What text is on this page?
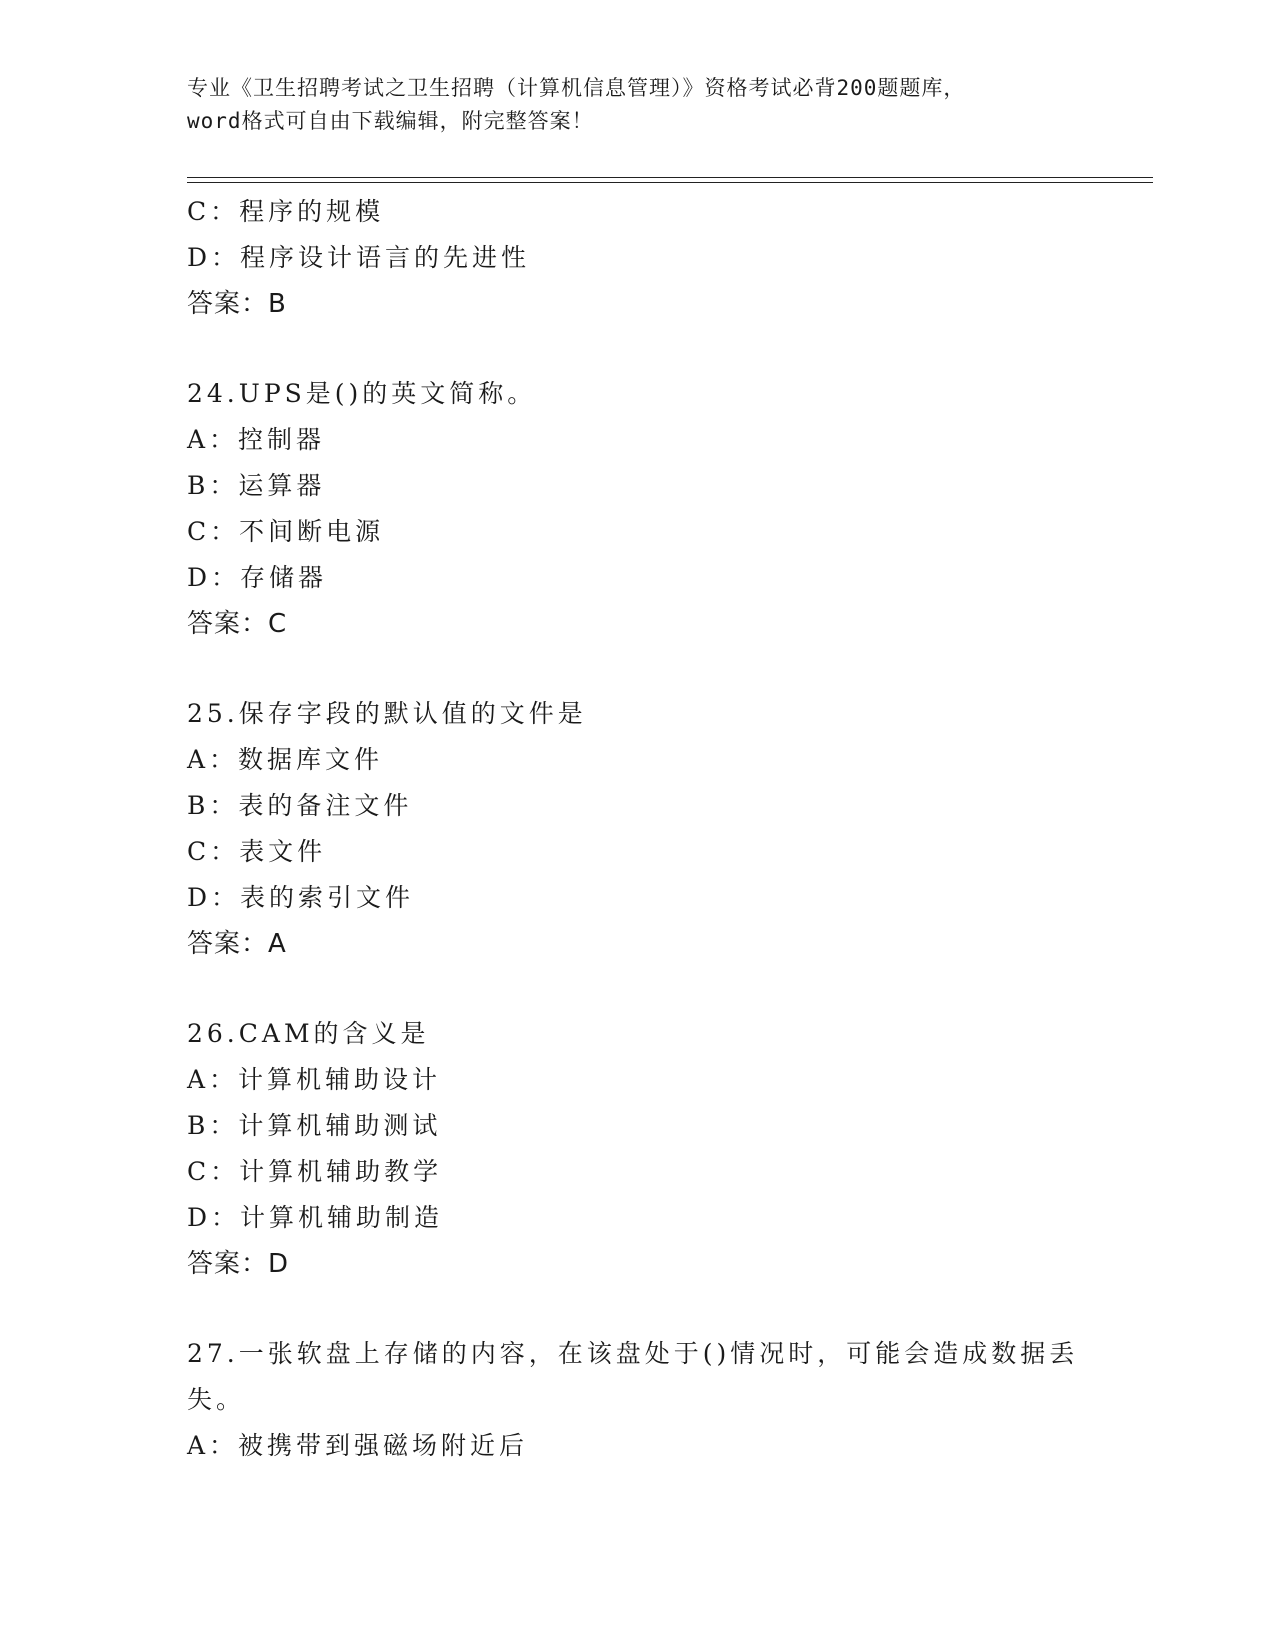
专业《卫生招聘考试之卫生招聘（计算机信息管理）》资格考试必背200题题库，
word格式可自由下载编辑，附完整答案！
C：程序的规模
D：程序设计语言的先进性
答案：B
24.UPS是()的英文简称。
A：控制器
B：运算器
C：不间断电源
D：存储器
答案：C
25.保存字段的默认值的文件是
A：数据库文件
B：表的备注文件
C：表文件
D：表的索引文件
答案：A
26.CAM的含义是
A：计算机辅助设计
B：计算机辅助测试
C：计算机辅助教学
D：计算机辅助制造
答案：D
27.一张软盘上存储的内容，在该盘处于()情况时，可能会造成数据丢
失。
A：被携带到强磁场附近后
